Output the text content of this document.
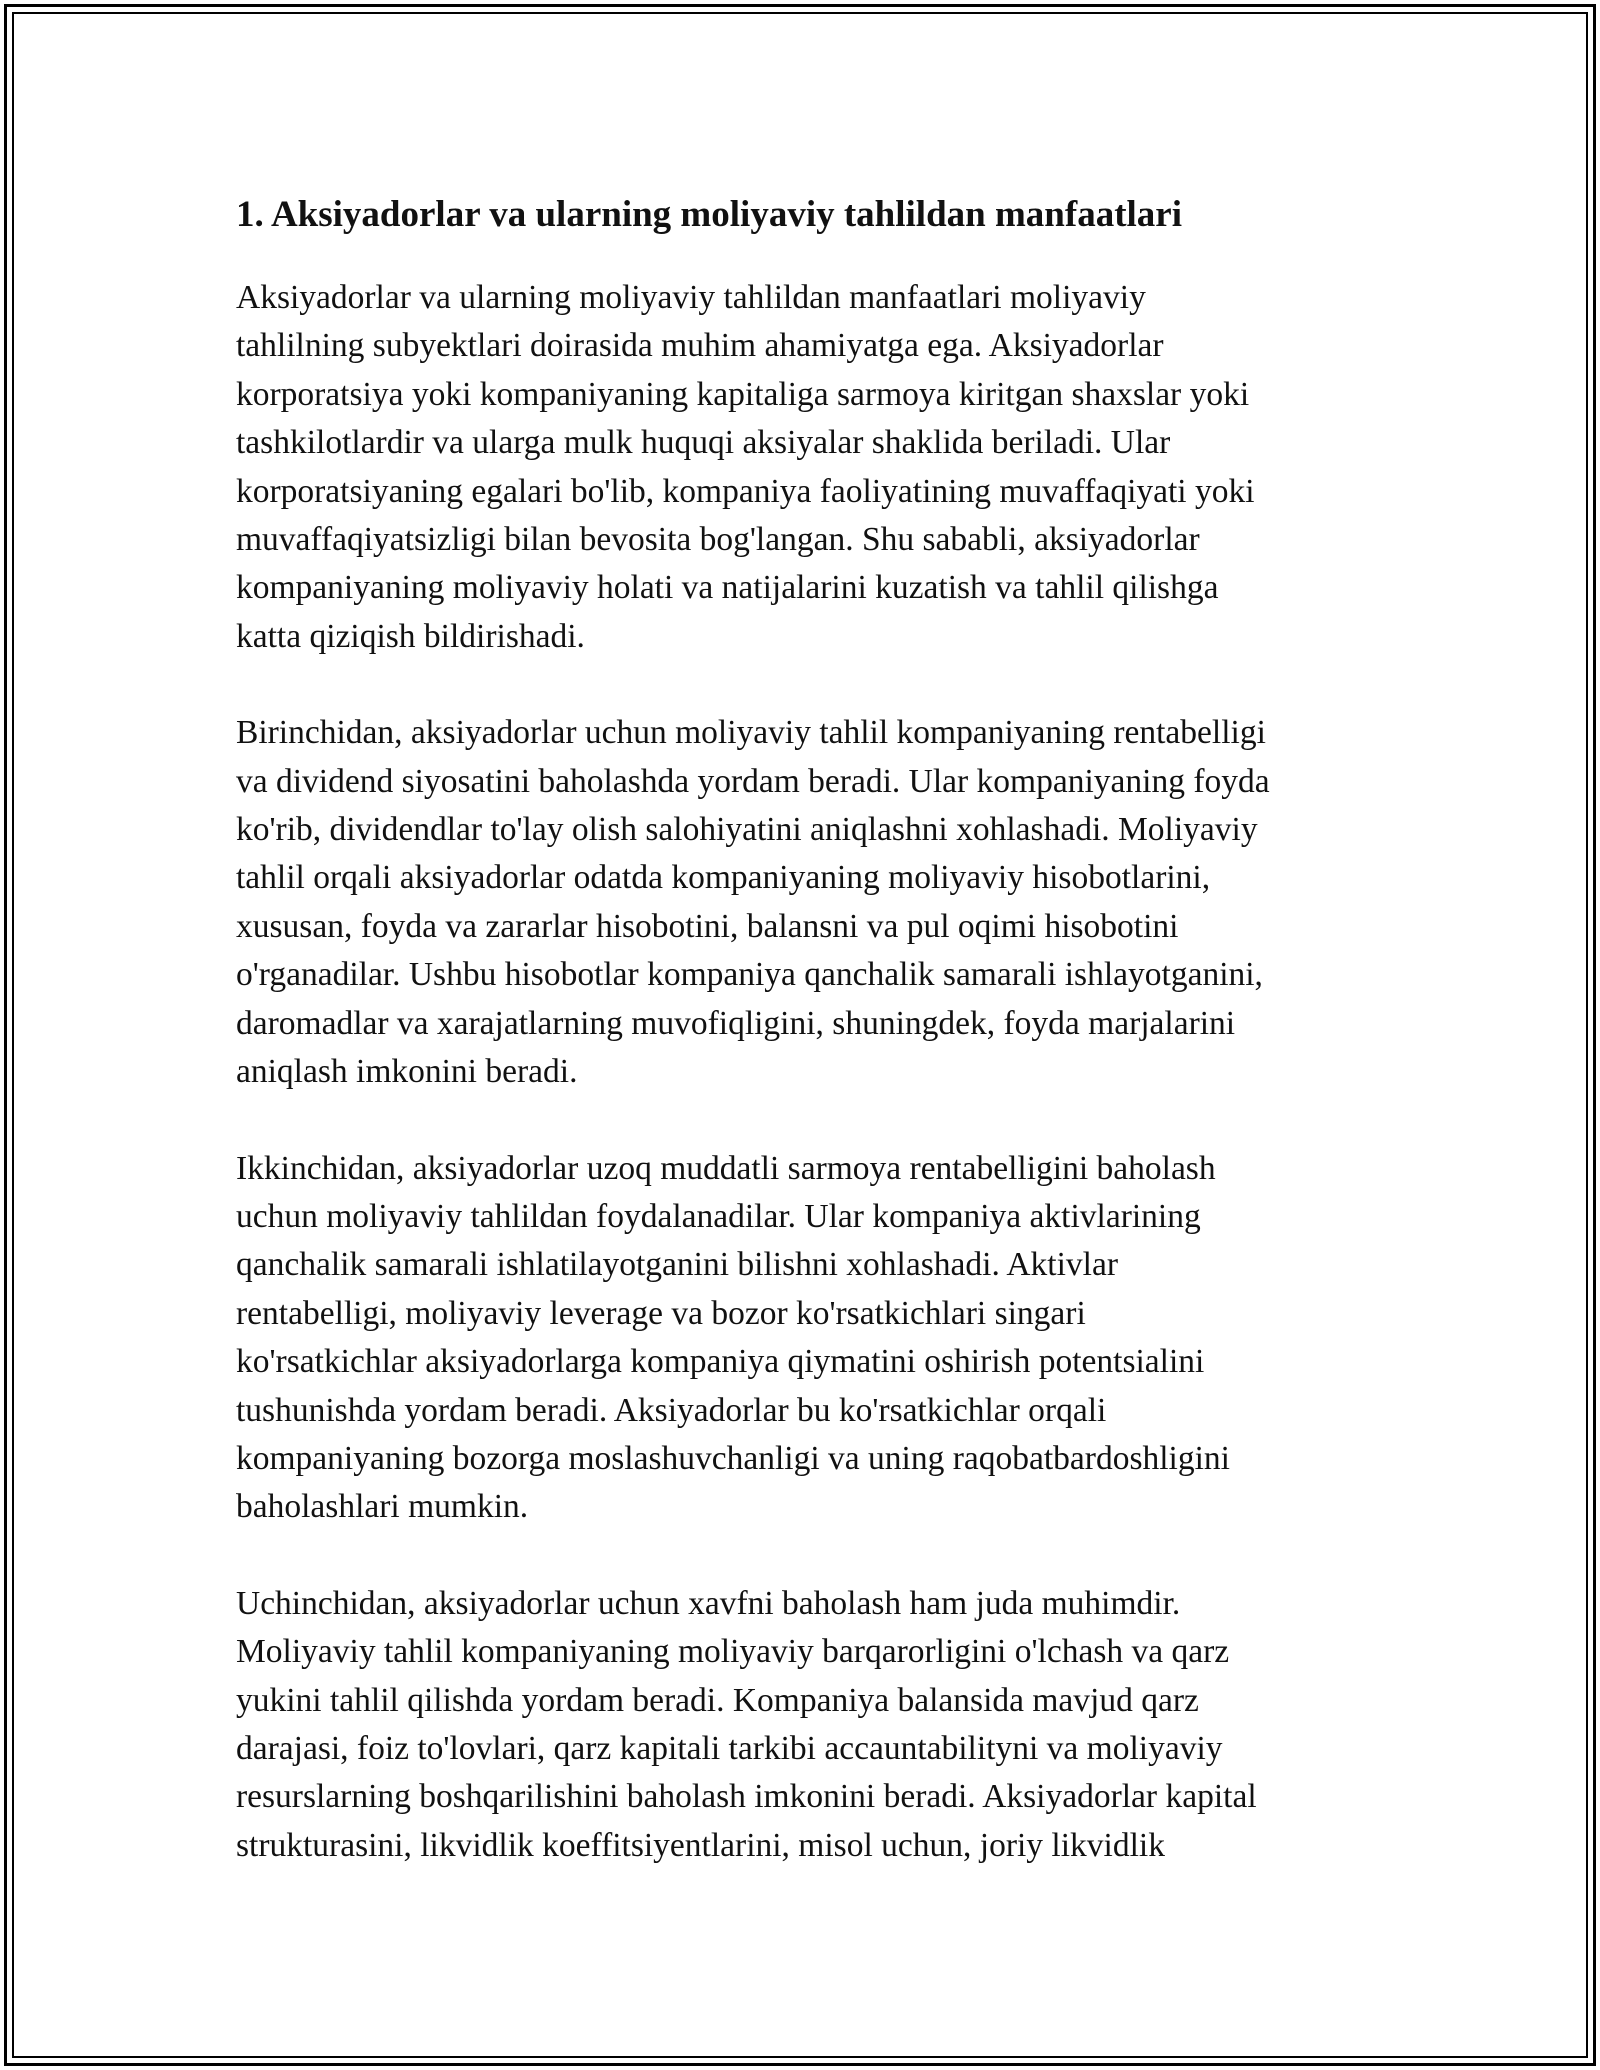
1. Aksiyadorlar va ularning moliyaviy tahlildan manfaatlari

Aksiyadorlar va ularning moliyaviy tahlildan manfaatlari moliyaviy
tahlilning subyektlari doirasida muhim ahamiyatga ega. Aksiyadorlar
korporatsiya yoki kompaniyaning kapitaliga sarmoya kiritgan shaxslar yoki
tashkilotlardir va ularga mulk huquqi aksiyalar shaklida beriladi. Ular
korporatsiyaning egalari bo'lib, kompaniya faoliyatining muvaffaqiyati yoki
muvaffaqiyatsizligi bilan bevosita bog'langan. Shu sababli, aksiyadorlar
kompaniyaning moliyaviy holati va natijalarini kuzatish va tahlil qilishga
katta qiziqish bildirishadi.

Birinchidan, aksiyadorlar uchun moliyaviy tahlil kompaniyaning rentabelligi
va dividend siyosatini baholashda yordam beradi. Ular kompaniyaning foyda
ko'rib, dividendlar to'lay olish salohiyatini aniqlashni xohlashadi. Moliyaviy
tahlil orqali aksiyadorlar odatda kompaniyaning moliyaviy hisobotlarini,
xususan, foyda va zararlar hisobotini, balansni va pul oqimi hisobotini
o'rganadilar. Ushbu hisobotlar kompaniya qanchalik samarali ishlayotganini,
daromadlar va xarajatlarning muvofiqligini, shuningdek, foyda marjalarini
aniqlash imkonini beradi.

Ikkinchidan, aksiyadorlar uzoq muddatli sarmoya rentabelligini baholash
uchun moliyaviy tahlildan foydalanadilar. Ular kompaniya aktivlarining
qanchalik samarali ishlatilayotganini bilishni xohlashadi. Aktivlar
rentabelligi, moliyaviy leverage va bozor ko'rsatkichlari singari
ko'rsatkichlar aksiyadorlarga kompaniya qiymatini oshirish potentsialini
tushunishda yordam beradi. Aksiyadorlar bu ko'rsatkichlar orqali
kompaniyaning bozorga moslashuvchanligi va uning raqobatbardoshligini
baholashlari mumkin.

Uchinchidan, aksiyadorlar uchun xavfni baholash ham juda muhimdir.
Moliyaviy tahlil kompaniyaning moliyaviy barqarorligini o'lchash va qarz
yukini tahlil qilishda yordam beradi. Kompaniya balansida mavjud qarz
darajasi, foiz to'lovlari, qarz kapitali tarkibi accauntabilityni va moliyaviy
resurslarning boshqarilishini baholash imkonini beradi. Aksiyadorlar kapital
strukturasini, likvidlik koeffitsiyentlarini, misol uchun, joriy likvidlik
